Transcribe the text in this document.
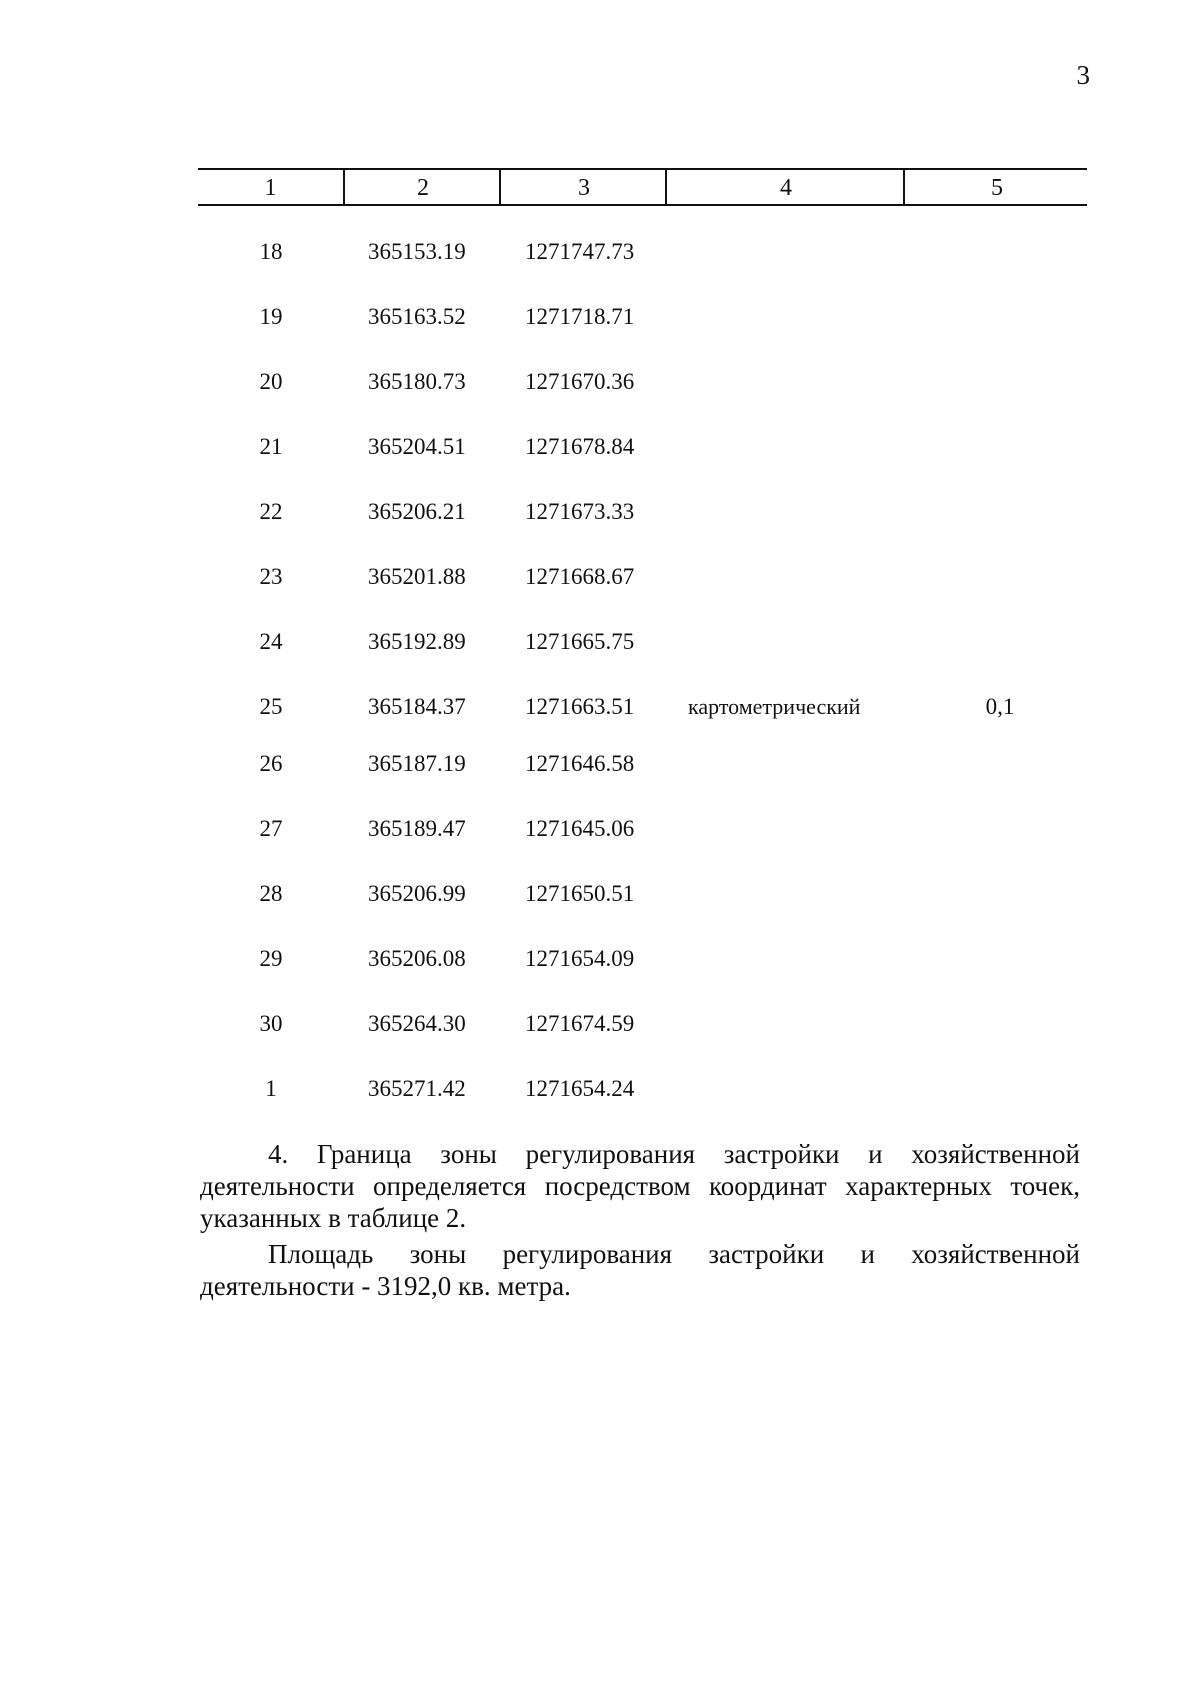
3
1	2	3	4	5
18	365153.19	1271747.73
19	365163.52	1271718.71
20	365180.73	1271670.36
21	365204.51	1271678.84
22	365206.21	1271673.33
23	365201.88	1271668.67
24	365192.89	1271665.75
25	365184.37	1271663.51	картометрический	0,1
26	365187.19	1271646.58
27	365189.47	1271645.06
28	365206.99	1271650.51
29	365206.08	1271654.09
30	365264.30	1271674.59
1	365271.42	1271654.24
4. Граница зоны регулирования застройки и хозяйственной деятельности определяется посредством координат характерных точек, указанных в таблице 2.
Площадь зоны регулирования застройки и хозяйственной деятельности - 3192,0 кв. метра.
